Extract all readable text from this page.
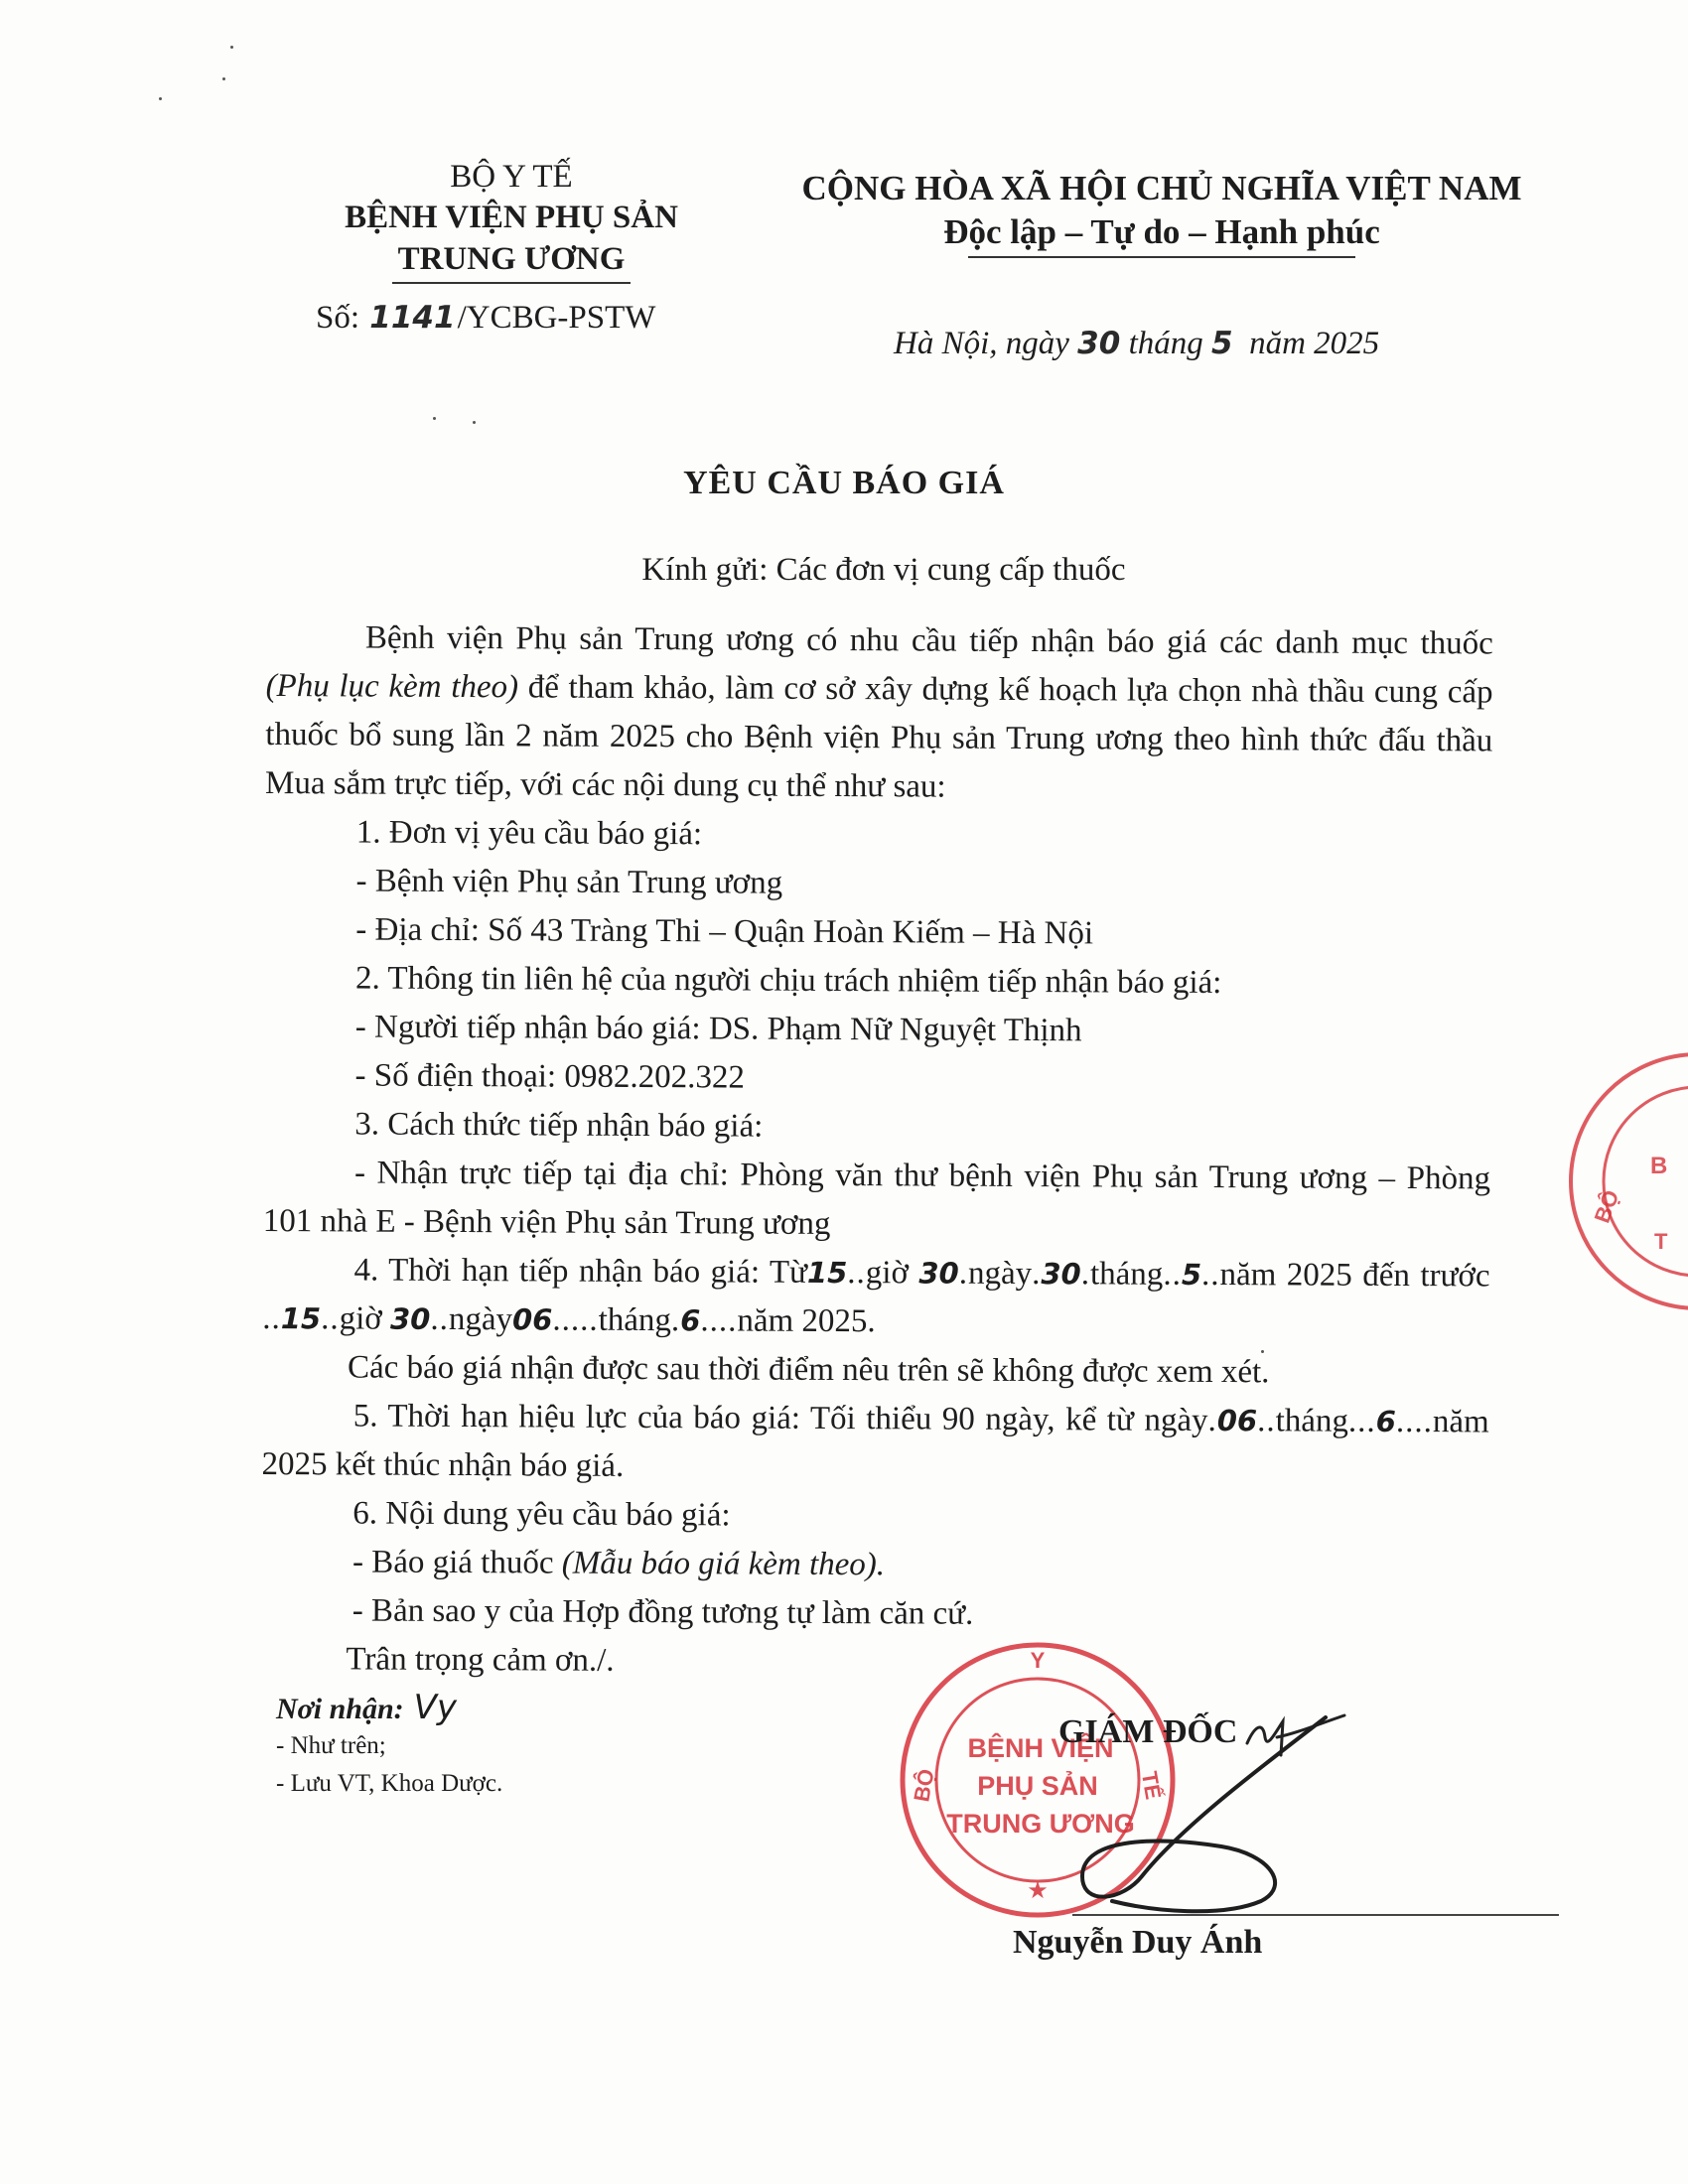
BỘ Y TẾ
BỆNH VIỆN PHỤ SẢN
TRUNG ƯƠNG
Số: 1141/YCBG-PSTW
CỘNG HÒA XÃ HỘI CHỦ NGHĨA VIỆT NAM
Độc lập – Tự do – Hạnh phúc
Hà Nội, ngày 30 tháng 5 năm 2025
YÊU CẦU BÁO GIÁ
Kính gửi: Các đơn vị cung cấp thuốc

Bệnh viện Phụ sản Trung ương có nhu cầu tiếp nhận báo giá các danh mục thuốc (Phụ lục kèm theo) để tham khảo, làm cơ sở xây dựng kế hoạch lựa chọn nhà thầu cung cấp thuốc bổ sung lần 2 năm 2025 cho Bệnh viện Phụ sản Trung ương theo hình thức đấu thầu Mua sắm trực tiếp, với các nội dung cụ thể như sau:

1. Đơn vị yêu cầu báo giá:

- Bệnh viện Phụ sản Trung ương

- Địa chỉ: Số 43 Tràng Thi – Quận Hoàn Kiếm – Hà Nội

2. Thông tin liên hệ của người chịu trách nhiệm tiếp nhận báo giá:

- Người tiếp nhận báo giá: DS. Phạm Nữ Nguyệt Thịnh

- Số điện thoại: 0982.202.322

3. Cách thức tiếp nhận báo giá:

- Nhận trực tiếp tại địa chỉ: Phòng văn thư bệnh viện Phụ sản Trung ương – Phòng 101 nhà E - Bệnh viện Phụ sản Trung ương

4. Thời hạn tiếp nhận báo giá: Từ15..giờ 30.ngày.30.tháng..5..năm 2025 đến trước ..15..giờ 30..ngày06.....tháng.6....năm 2025.

Các báo giá nhận được sau thời điểm nêu trên sẽ không được xem xét.

5. Thời hạn hiệu lực của báo giá: Tối thiểu 90 ngày, kể từ ngày.06..tháng...6....năm 2025 kết thúc nhận báo giá.

6. Nội dung yêu cầu báo giá:

- Báo giá thuốc (Mẫu báo giá kèm theo).

- Bản sao y của Hợp đồng tương tự làm căn cứ.

Trân trọng cảm ơn./.

Nơi nhận: Vy
- Như trên;
- Lưu VT, Khoa Dược.
Y
BỘ	TẾ
BỆNH VIỆN
PHỤ SẢN
TRUNG ƯƠNG
★
GIÁM ĐỐC
Nguyễn Duy Ánh
B
BỘ
T
